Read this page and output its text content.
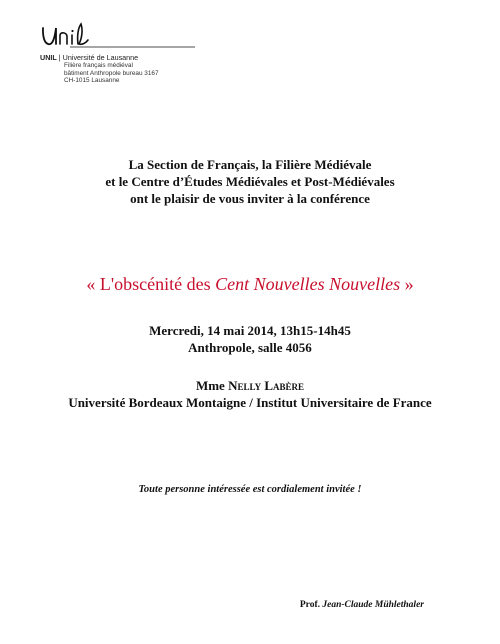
UNIL | Université de Lausanne
Filière français médiéval
bâtiment Anthropole bureau 3167
CH-1015 Lausanne
La Section de Français, la Filière Médiévale
et le Centre d’Études Médiévales et Post-Médiévales
ont le plaisir de vous inviter à la conférence
« L'obscénité des Cent Nouvelles Nouvelles »
Mercredi, 14 mai 2014, 13h15-14h45
Anthropole, salle 4056
Mme Nelly Labère
Université Bordeaux Montaigne / Institut Universitaire de France
Toute personne intéressée est cordialement invitée !
Prof. Jean-Claude Mühlethaler
